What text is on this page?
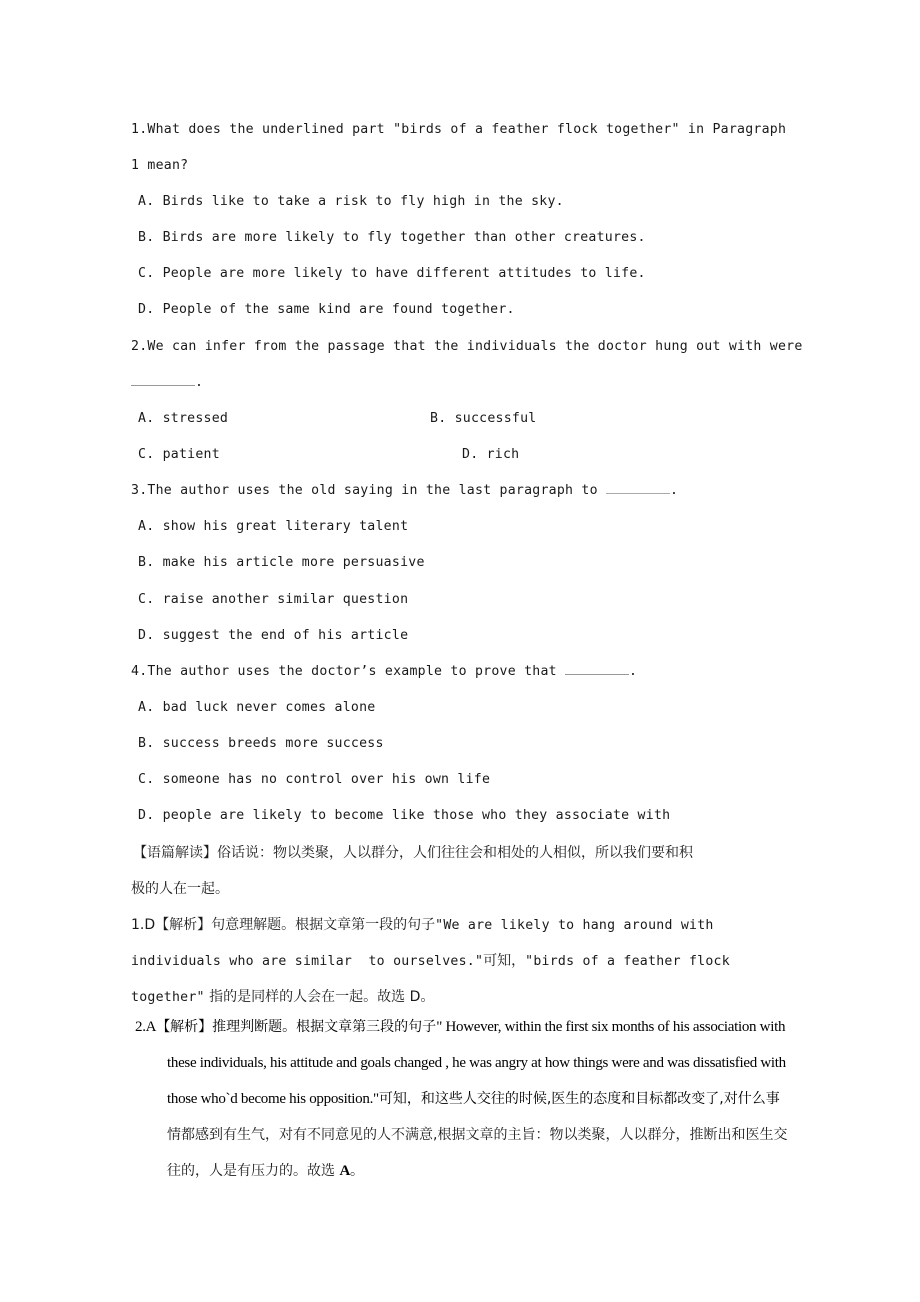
1.What does the underlined part "birds of a feather flock together" in Paragraph
1 mean?
A. Birds like to take a risk to fly high in the sky.
B. Birds are more likely to fly together than other creatures.
C. People are more likely to have different attitudes to life.
D. People of the same kind are found together.
2.We can infer from the passage that the individuals the doctor hung out with were
.
A. stressed	B. successful
C. patient	D. rich
3.The author uses the old saying in the last paragraph to	.
A. show his great literary talent
B. make his article more persuasive
C. raise another similar question
D. suggest the end of his article
4.The author uses the doctor’s example to prove that	.
A. bad luck never comes alone
B. success breeds more success
C. someone has no control over his own life
D. people are likely to become like those who they associate with
【语篇解读】俗话说：物以类聚，人以群分，人们往往会和相处的人相似，所以我们要和积
极的人在一起。
1.D【解析】句意理解题。根据文章第一段的句子"We are likely to hang around with
individuals who are similar  to ourselves."可知，"birds of a feather flock
together" 指的是同样的人会在一起。故选 D。
2.A【解析】推理判断题。根据文章第三段的句子" However, within the first six months of his association with
these individuals, his attitude and goals changed , he was angry at how things were and was dissatisfied with
those who`d become his opposition."可知，和这些人交往的时候,医生的态度和目标都改变了,对什么事
情都感到有生气，对有不同意见的人不满意,根据文章的主旨：物以类聚，人以群分，推断出和医生交
往的，人是有压力的。故选 A。
